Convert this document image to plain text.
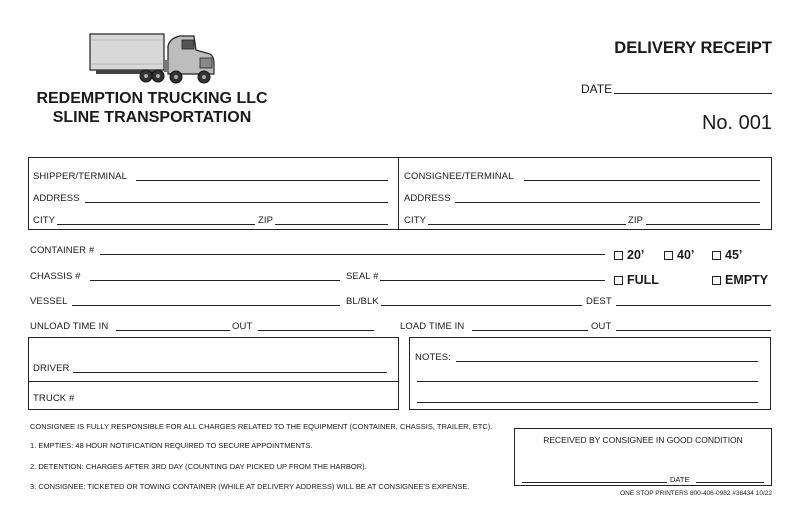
REDEMPTION TRUCKING LLC
SLINE TRANSPORTATION
DELIVERY RECEIPT
DATE
No. 001
SHIPPER/TERMINAL
ADDRESS
CITY	ZIP
CONSIGNEE/TERMINAL
ADDRESS
CITY	ZIP
CONTAINER #	20’	40’	45’
CHASSIS #	SEAL #	FULL	EMPTY
VESSEL	BL/BLK	DEST
UNLOAD TIME IN	OUT	LOAD TIME IN	OUT
DRIVER
TRUCK #
NOTES:
CONSIGNEE IS FULLY RESPONSIBLE FOR ALL CHARGES RELATED TO THE EQUIPMENT (CONTAINER, CHASSIS, TRAILER, ETC).
1. EMPTIES: 48 HOUR NOTIFICATION REQUIRED TO SECURE APPOINTMENTS.
2. DETENTION: CHARGES AFTER 3RD DAY (COUNTING DAY PICKED UP FROM THE HARBOR).
3. CONSIGNEE: TICKETED OR TOWING CONTAINER (WHILE AT DELIVERY ADDRESS) WILL BE AT CONSIGNEE'S EXPENSE.
RECEIVED BY CONSIGNEE IN GOOD CONDITION
DATE
ONE STOP PRINTERS 800-406-0982 #38434 10/22
